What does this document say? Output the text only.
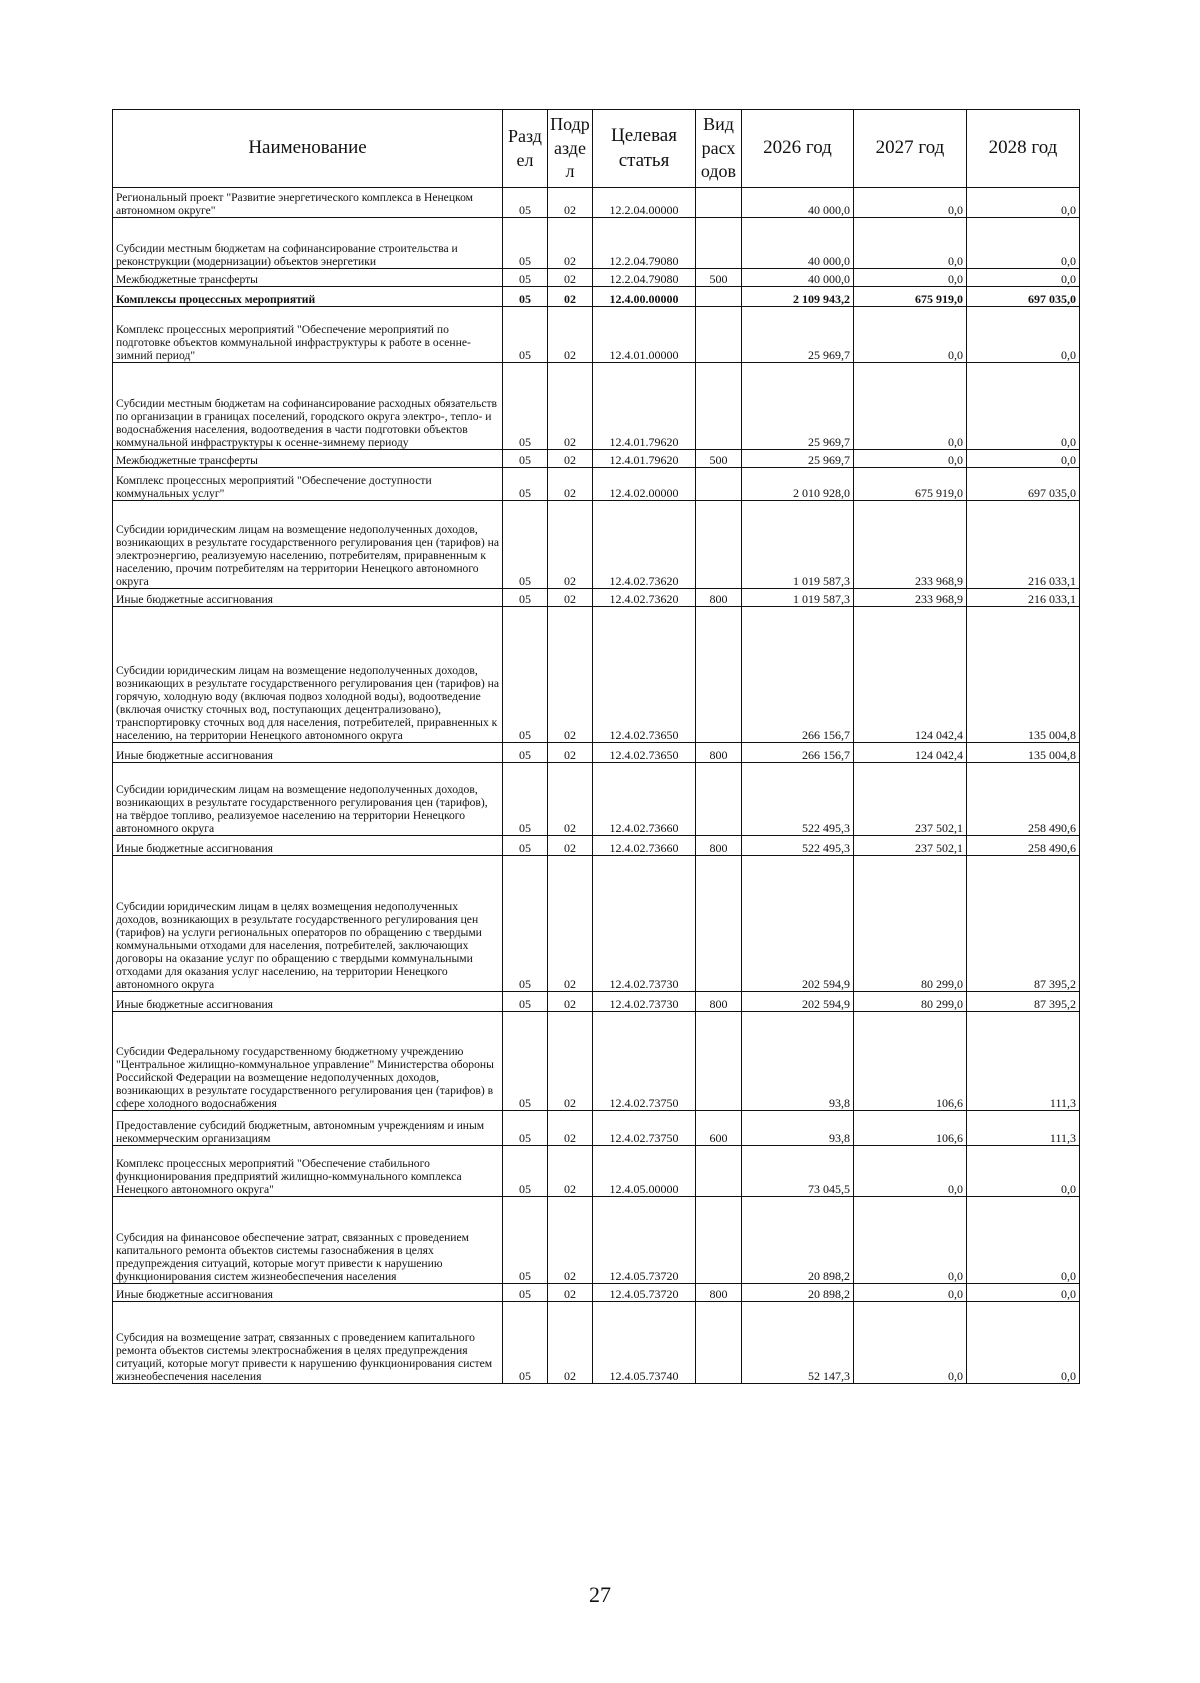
Наименование	Разд ел	Подр азде л	Целевая статья	Вид расх одов	2026 год	2027 год	2028 год
Региональный проект "Развитие энергетического комплекса в Ненецком автономном округе"	05	02	12.2.04.00000		40 000,0	0,0	0,0
Субсидии местным бюджетам на софинансирование строительства и реконструкции (модернизации) объектов энергетики	05	02	12.2.04.79080		40 000,0	0,0	0,0
Межбюджетные трансферты	05	02	12.2.04.79080	500	40 000,0	0,0	0,0
Комплексы процессных мероприятий	05	02	12.4.00.00000		2 109 943,2	675 919,0	697 035,0
Комплекс процессных мероприятий "Обеспечение мероприятий по подготовке объектов коммунальной инфраструктуры к работе в осенне-зимний период"	05	02	12.4.01.00000		25 969,7	0,0	0,0
Субсидии местным бюджетам на софинансирование расходных обязательств по организации в границах поселений, городского округа электро-, тепло- и водоснабжения населения, водоотведения в части подготовки объектов коммунальной инфраструктуры к осенне-зимнему периоду	05	02	12.4.01.79620		25 969,7	0,0	0,0
Межбюджетные трансферты	05	02	12.4.01.79620	500	25 969,7	0,0	0,0
Комплекс процессных мероприятий "Обеспечение доступности коммунальных услуг"	05	02	12.4.02.00000		2 010 928,0	675 919,0	697 035,0
Субсидии юридическим лицам на возмещение недополученных доходов, возникающих в результате государственного регулирования цен (тарифов) на электроэнергию, реализуемую населению, потребителям, приравненным к населению, прочим потребителям на территории Ненецкого автономного округа	05	02	12.4.02.73620		1 019 587,3	233 968,9	216 033,1
Иные бюджетные ассигнования	05	02	12.4.02.73620	800	1 019 587,3	233 968,9	216 033,1
Субсидии юридическим лицам на возмещение недополученных доходов, возникающих в результате государственного регулирования цен (тарифов) на горячую, холодную воду (включая подвоз холодной воды), водоотведение (включая очистку сточных вод, поступающих децентрализовано), транспортировку сточных вод для населения, потребителей, приравненных к населению, на территории Ненецкого автономного округа	05	02	12.4.02.73650		266 156,7	124 042,4	135 004,8
Иные бюджетные ассигнования	05	02	12.4.02.73650	800	266 156,7	124 042,4	135 004,8
Субсидии юридическим лицам на возмещение недополученных доходов, возникающих в результате государственного регулирования цен (тарифов), на твёрдое топливо, реализуемое населению на территории Ненецкого автономного округа	05	02	12.4.02.73660		522 495,3	237 502,1	258 490,6
Иные бюджетные ассигнования	05	02	12.4.02.73660	800	522 495,3	237 502,1	258 490,6
Субсидии юридическим лицам в целях возмещения недополученных доходов, возникающих в результате государственного регулирования цен (тарифов) на услуги региональных операторов по обращению с твердыми коммунальными отходами для населения, потребителей, заключающих договоры на оказание услуг по обращению с твердыми коммунальными отходами для оказания услуг населению, на территории Ненецкого автономного округа	05	02	12.4.02.73730		202 594,9	80 299,0	87 395,2
Иные бюджетные ассигнования	05	02	12.4.02.73730	800	202 594,9	80 299,0	87 395,2
Субсидии Федеральному государственному бюджетному учреждению "Центральное жилищно-коммунальное управление" Министерства обороны Российской Федерации на возмещение недополученных доходов, возникающих в результате государственного регулирования цен (тарифов) в сфере холодного водоснабжения	05	02	12.4.02.73750		93,8	106,6	111,3
Предоставление субсидий бюджетным, автономным учреждениям и иным некоммерческим организациям	05	02	12.4.02.73750	600	93,8	106,6	111,3
Комплекс процессных мероприятий "Обеспечение стабильного функционирования предприятий жилищно-коммунального комплекса Ненецкого автономного округа"	05	02	12.4.05.00000		73 045,5	0,0	0,0
Субсидия на финансовое обеспечение затрат, связанных с проведением капитального ремонта объектов системы газоснабжения в целях предупреждения ситуаций, которые могут привести к нарушению функционирования систем жизнеобеспечения населения	05	02	12.4.05.73720		20 898,2	0,0	0,0
Иные бюджетные ассигнования	05	02	12.4.05.73720	800	20 898,2	0,0	0,0
Субсидия на возмещение затрат, связанных с проведением капитального ремонта объектов системы электроснабжения в целях предупреждения ситуаций, которые могут привести к нарушению функционирования систем жизнеобеспечения населения	05	02	12.4.05.73740		52 147,3	0,0	0,0
27
